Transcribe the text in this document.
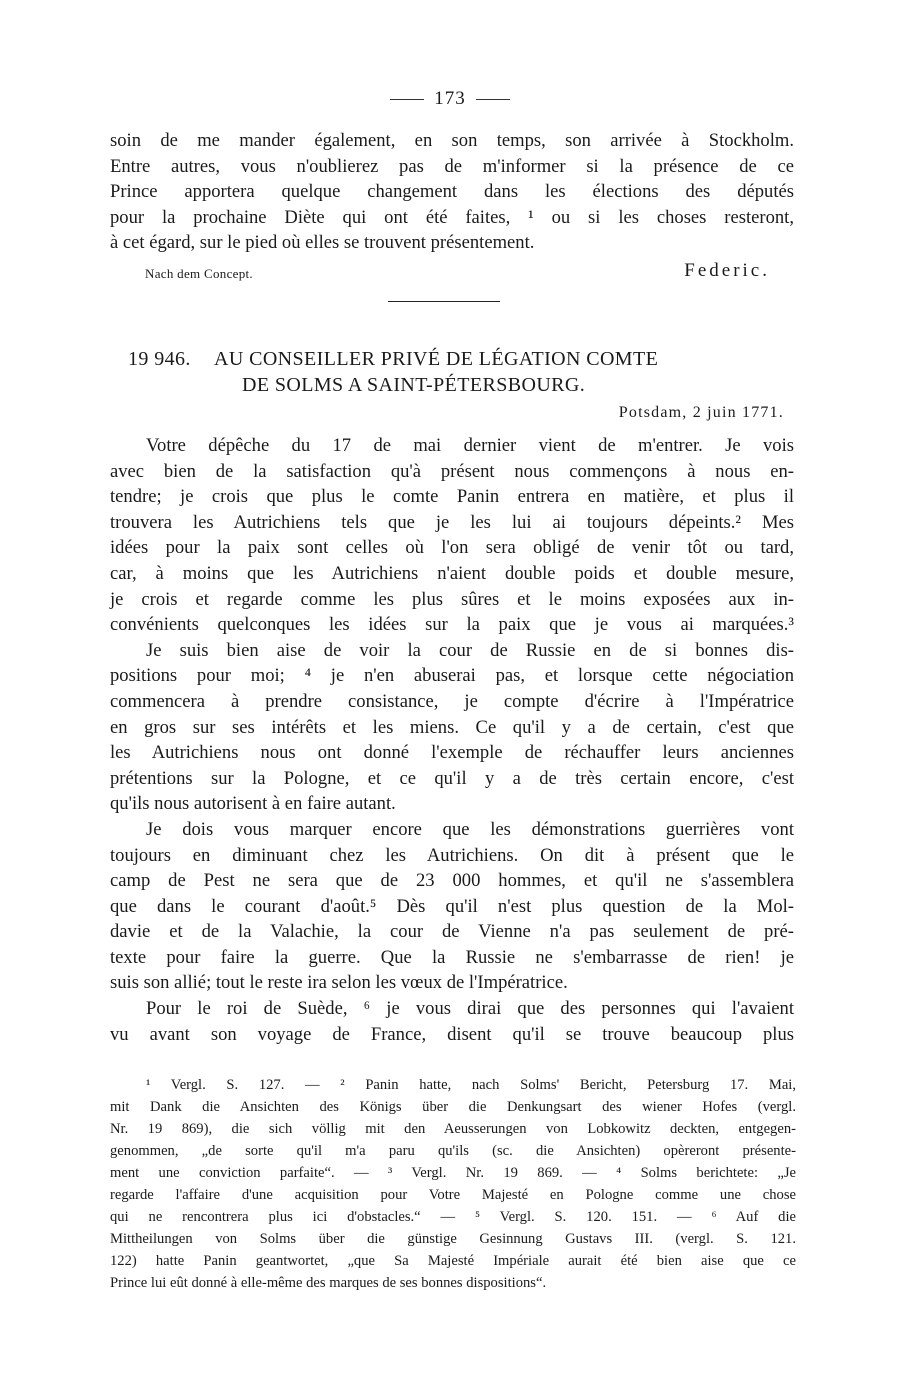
173
soin de me mander également, en son temps, son arrivée à Stockholm.
Entre autres, vous n'oublierez pas de m'informer si la présence de ce
Prince apportera quelque changement dans les élections des députés
pour la prochaine Diète qui ont été faites, ¹ ou si les choses resteront,
à cet égard, sur le pied où elles se trouvent présentement.
Nach dem Concept.	Federic.
19 946. AU CONSEILLER PRIVÉ DE LÉGATION COMTE
DE SOLMS A SAINT-PÉTERSBOURG.
Potsdam, 2 juin 1771.
Votre dépêche du 17 de mai dernier vient de m'entrer. Je vois
avec bien de la satisfaction qu'à présent nous commençons à nous en-
tendre; je crois que plus le comte Panin entrera en matière, et plus il
trouvera les Autrichiens tels que je les lui ai toujours dépeints.² Mes
idées pour la paix sont celles où l'on sera obligé de venir tôt ou tard,
car, à moins que les Autrichiens n'aient double poids et double mesure,
je crois et regarde comme les plus sûres et le moins exposées aux in-
convénients quelconques les idées sur la paix que je vous ai marquées.³
Je suis bien aise de voir la cour de Russie en de si bonnes dis-
positions pour moi; ⁴ je n'en abuserai pas, et lorsque cette négociation
commencera à prendre consistance, je compte d'écrire à l'Impératrice
en gros sur ses intérêts et les miens. Ce qu'il y a de certain, c'est que
les Autrichiens nous ont donné l'exemple de réchauffer leurs anciennes
prétentions sur la Pologne, et ce qu'il y a de très certain encore, c'est
qu'ils nous autorisent à en faire autant.
Je dois vous marquer encore que les démonstrations guerrières vont
toujours en diminuant chez les Autrichiens. On dit à présent que le
camp de Pest ne sera que de 23 000 hommes, et qu'il ne s'assemblera
que dans le courant d'août.⁵ Dès qu'il n'est plus question de la Mol-
davie et de la Valachie, la cour de Vienne n'a pas seulement de pré-
texte pour faire la guerre. Que la Russie ne s'embarrasse de rien! je
suis son allié; tout le reste ira selon les vœux de l'Impératrice.
Pour le roi de Suède, ⁶ je vous dirai que des personnes qui l'avaient
vu avant son voyage de France, disent qu'il se trouve beaucoup plus
¹ Vergl. S. 127. — ² Panin hatte, nach Solms' Bericht, Petersburg 17. Mai,
mit Dank die Ansichten des Königs über die Denkungsart des wiener Hofes (vergl.
Nr. 19 869), die sich völlig mit den Aeusserungen von Lobkowitz deckten, entgegen-
genommen, „de sorte qu'il m'a paru qu'ils (sc. die Ansichten) opèreront présente-
ment une conviction parfaite“. — ³ Vergl. Nr. 19 869. — ⁴ Solms berichtete: „Je
regarde l'affaire d'une acquisition pour Votre Majesté en Pologne comme une chose
qui ne rencontrera plus ici d'obstacles.“ — ⁵ Vergl. S. 120. 151. — ⁶ Auf die
Mittheilungen von Solms über die günstige Gesinnung Gustavs III. (vergl. S. 121.
122) hatte Panin geantwortet, „que Sa Majesté Impériale aurait été bien aise que ce
Prince lui eût donné à elle-même des marques de ses bonnes dispositions“.
